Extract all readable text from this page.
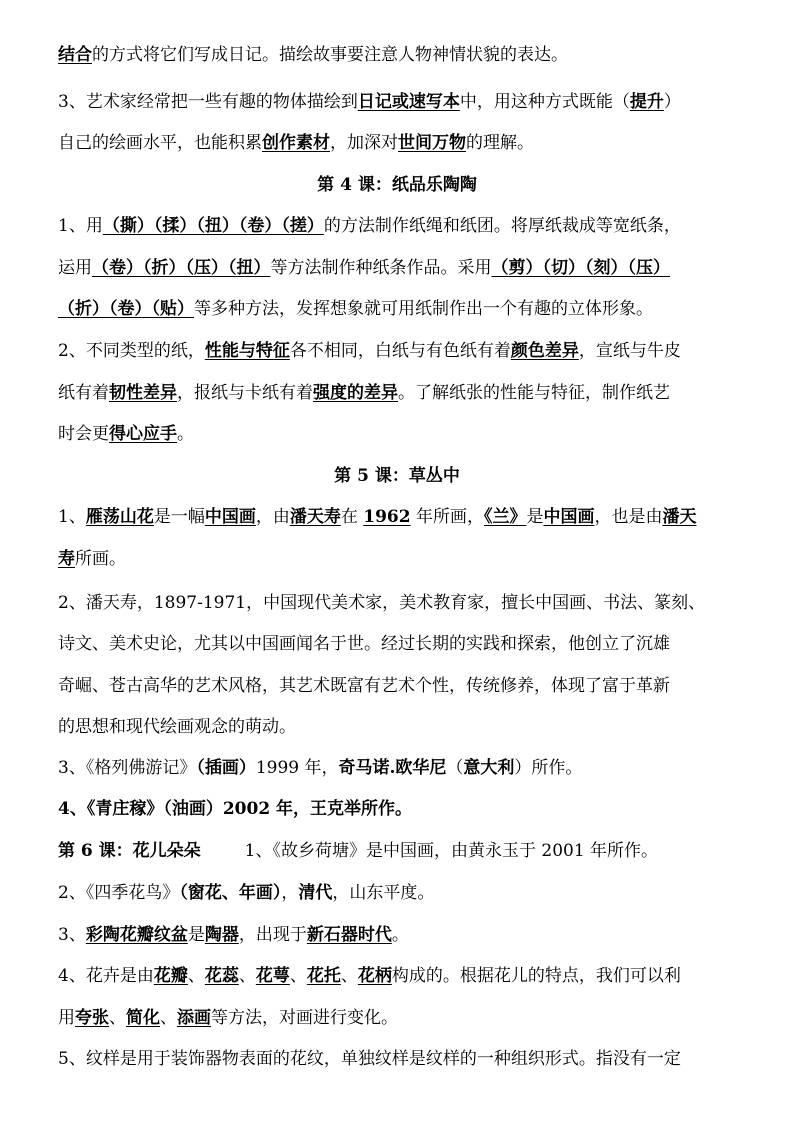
结合的方式将它们写成日记。描绘故事要注意人物神情状貌的表达。
3、艺术家经常把一些有趣的物体描绘到日记或速写本中，用这种方式既能（提升）
自己的绘画水平，也能积累创作素材，加深对世间万物的理解。
第 4 课：纸品乐陶陶
1、用（撕）（揉）（扭）（卷）（搓）的方法制作纸绳和纸团。将厚纸裁成等宽纸条，
运用（卷）（折）（压）（扭）等方法制作种纸条作品。采用（剪）（切）（刻）（压）
（折）（卷）（贴）等多种方法，发挥想象就可用纸制作出一个有趣的立体形象。
2、不同类型的纸，性能与特征各不相同，白纸与有色纸有着颜色差异，宣纸与牛皮
纸有着韧性差异，报纸与卡纸有着强度的差异。了解纸张的性能与特征，制作纸艺
时会更得心应手。
第 5 课：草丛中
1、雁荡山花是一幅中国画，由潘天寿在 1962 年所画，《兰》是中国画，也是由潘天
寿所画。
2、潘天寿，1897-1971，中国现代美术家，美术教育家，擅长中国画、书法、篆刻、
诗文、美术史论，尤其以中国画闻名于世。经过长期的实践和探索，他创立了沉雄
奇崛、苍古高华的艺术风格，其艺术既富有艺术个性，传统修养，体现了富于革新
的思想和现代绘画观念的萌动。
3、《格列佛游记》（插画）1999 年，奇马诺.欧华尼（意大利）所作。
4、《青庄稼》（油画）2002 年，王克举所作。
第 6 课：花儿朵朵	1、《故乡荷塘》是中国画，由黄永玉于 2001 年所作。
2、《四季花鸟》（窗花、年画），清代，山东平度。
3、彩陶花瓣纹盆是陶器，出现于新石器时代。
4、花卉是由花瓣、花蕊、花萼、花托、花柄构成的。根据花儿的特点，我们可以利
用夸张、简化、添画等方法，对画进行变化。
5、纹样是用于装饰器物表面的花纹，单独纹样是纹样的一种组织形式。指没有一定
